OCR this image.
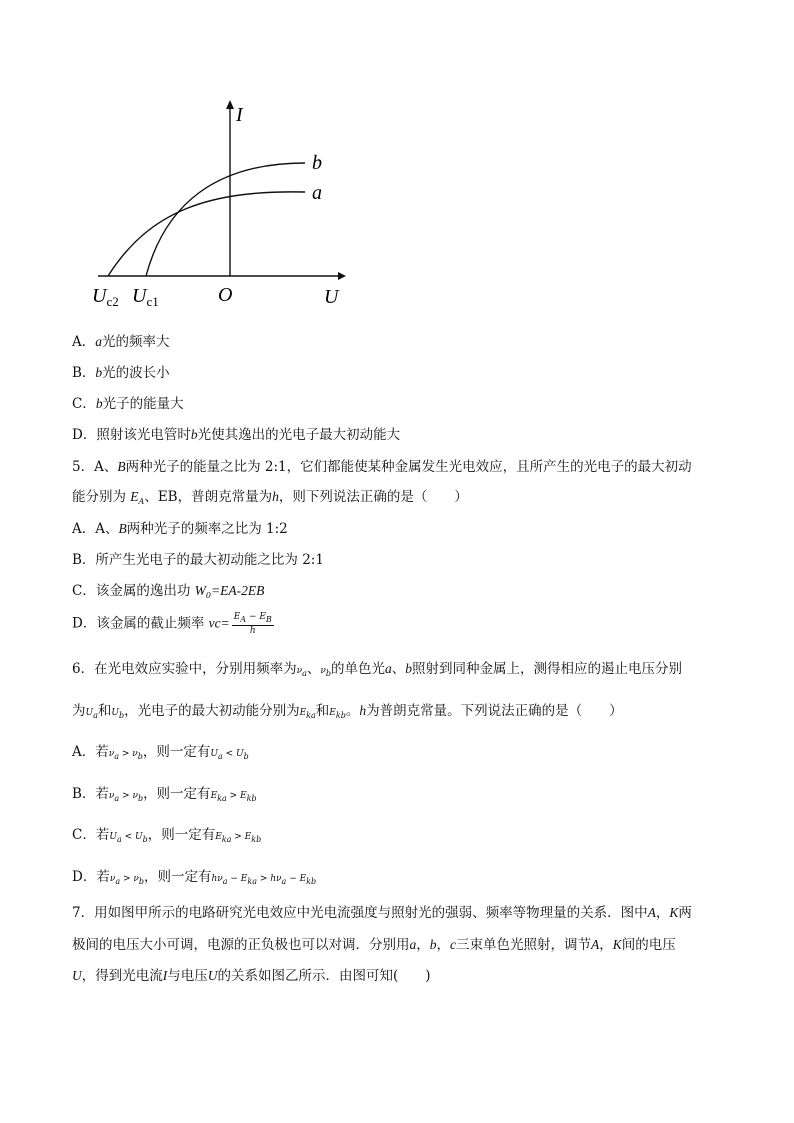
I
b
a
O	U
$U_{c2}$ $U_{c1}$
A．a光的频率大
B．b光的波长小
C．b光子的能量大
D．照射该光电管时b光使其逸出的光电子最大初动能大
5．A、B两种光子的能量之比为 2:1，它们都能使某种金属发生光电效应，且所产生的光电子的最大初动
能分别为 $E_A$、EB，普朗克常量为h，则下列说法正确的是（　　）
A．A、B两种光子的频率之比为 1:2
B．所产生光电子的最大初动能之比为 2:1
C．该金属的逸出功 $W_0=EA-2EB$
D．该金属的截止频率 $\nu c= \frac{EA - EB}{h}$
6．在光电效应实验中，分别用频率为$\nu_a$、$\nu_b$的单色光a、b照射到同种金属上，测得相应的遏止电压分别
为$U_a$和$U_b$，光电子的最大初动能分别为$E_{ka}$和$E_{kb}$。h为普朗克常量。下列说法正确的是（　　）
A．若$\nu_a > \nu_b$，则一定有$U_a < U_b$
B．若$\nu_a > \nu_b$，则一定有$E_{ka} > E_{kb}$
C．若$U_a < U_b$，则一定有$E_{ka} > E_{kb}$
D．若$\nu_a > \nu_b$，则一定有$h\nu_a - E_{ka} > h\nu_a - E_{kb}$
7．用如图甲所示的电路研究光电效应中光电流强度与照射光的强弱、频率等物理量的关系．图中A，K两
极间的电压大小可调，电源的正负极也可以对调．分别用a，b，c三束单色光照射，调节A，K间的电压
U，得到光电流I与电压U的关系如图乙所示．由图可知(　　)
